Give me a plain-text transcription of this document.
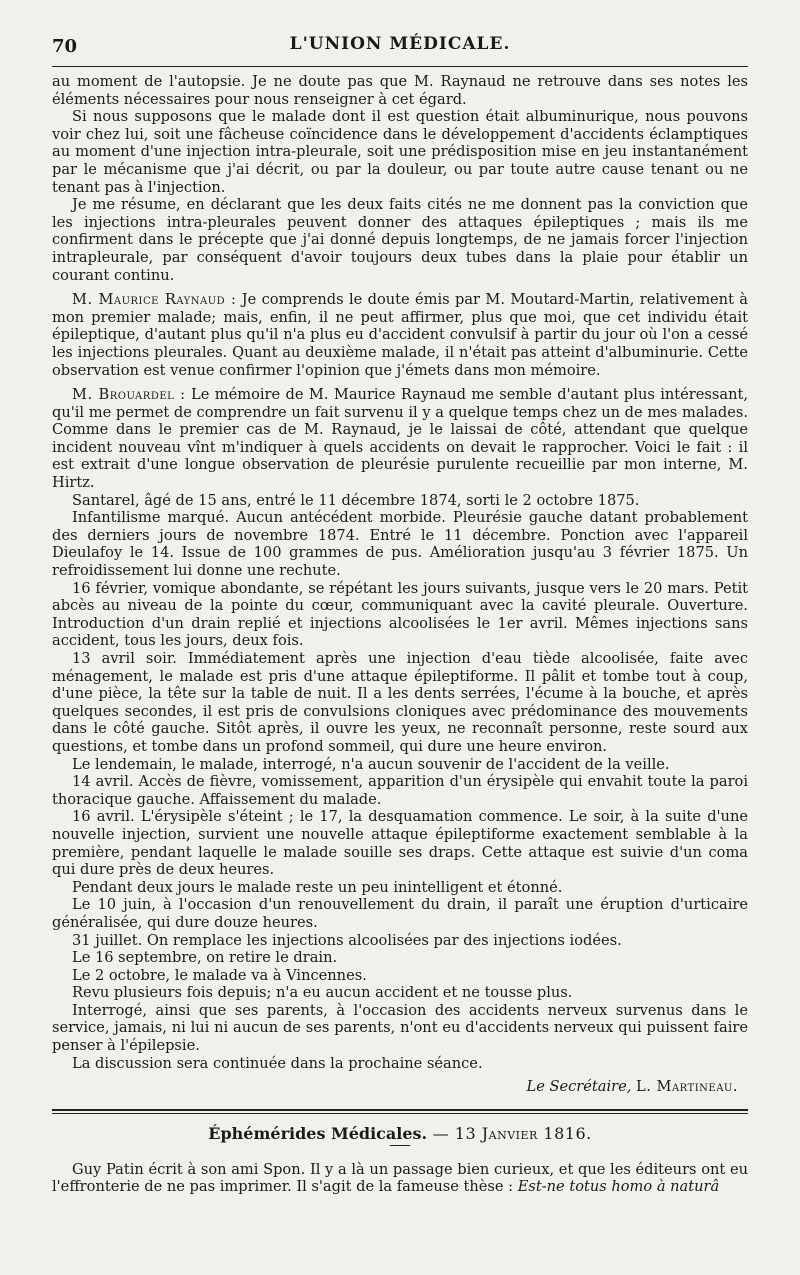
70	L'UNION MÉDICALE.

au moment de l'autopsie. Je ne doute pas que M. Raynaud ne retrouve dans ses notes les éléments nécessaires pour nous renseigner à cet égard.

Si nous supposons que le malade dont il est question était albuminurique, nous pouvons voir chez lui, soit une fâcheuse coïncidence dans le développement d'accidents éclamptiques au moment d'une injection intra-pleurale, soit une prédisposition mise en jeu instantanément par le mécanisme que j'ai décrit, ou par la douleur, ou par toute autre cause tenant ou ne tenant pas à l'injection.

Je me résume, en déclarant que les deux faits cités ne me donnent pas la conviction que les injections intra-pleurales peuvent donner des attaques épileptiques ; mais ils me confirment dans le précepte que j'ai donné depuis longtemps, de ne jamais forcer l'injection intrapleurale, par conséquent d'avoir toujours deux tubes dans la plaie pour établir un courant continu.

M. Maurice Raynaud : Je comprends le doute émis par M. Moutard-Martin, relativement à mon premier malade; mais, enfin, il ne peut affirmer, plus que moi, que cet individu était épileptique, d'autant plus qu'il n'a plus eu d'accident convulsif à partir du jour où l'on a cessé les injections pleurales. Quant au deuxième malade, il n'était pas atteint d'albuminurie. Cette observation est venue confirmer l'opinion que j'émets dans mon mémoire.

M. Brouardel : Le mémoire de M. Maurice Raynaud me semble d'autant plus intéressant, qu'il me permet de comprendre un fait survenu il y a quelque temps chez un de mes malades. Comme dans le premier cas de M. Raynaud, je le laissai de côté, attendant que quelque incident nouveau vînt m'indiquer à quels accidents on devait le rapprocher. Voici le fait : il est extrait d'une longue observation de pleurésie purulente recueillie par mon interne, M. Hirtz.

Santarel, âgé de 15 ans, entré le 11 décembre 1874, sorti le 2 octobre 1875.

Infantilisme marqué. Aucun antécédent morbide. Pleurésie gauche datant probablement des derniers jours de novembre 1874. Entré le 11 décembre. Ponction avec l'appareil Dieulafoy le 14. Issue de 100 grammes de pus. Amélioration jusqu'au 3 février 1875. Un refroidissement lui donne une rechute.

16 février, vomique abondante, se répétant les jours suivants, jusque vers le 20 mars. Petit abcès au niveau de la pointe du cœur, communiquant avec la cavité pleurale. Ouverture. Introduction d'un drain replié et injections alcoolisées le 1er avril. Mêmes injections sans accident, tous les jours, deux fois.

13 avril soir. Immédiatement après une injection d'eau tiède alcoolisée, faite avec ménagement, le malade est pris d'une attaque épileptiforme. Il pâlit et tombe tout à coup, d'une pièce, la tête sur la table de nuit. Il a les dents serrées, l'écume à la bouche, et après quelques secondes, il est pris de convulsions cloniques avec prédominance des mouvements dans le côté gauche. Sitôt après, il ouvre les yeux, ne reconnaît personne, reste sourd aux questions, et tombe dans un profond sommeil, qui dure une heure environ.

Le lendemain, le malade, interrogé, n'a aucun souvenir de l'accident de la veille.

14 avril. Accès de fièvre, vomissement, apparition d'un érysipèle qui envahit toute la paroi thoracique gauche. Affaissement du malade.

16 avril. L'érysipèle s'éteint ; le 17, la desquamation commence. Le soir, à la suite d'une nouvelle injection, survient une nouvelle attaque épileptiforme exactement semblable à la première, pendant laquelle le malade souille ses draps. Cette attaque est suivie d'un coma qui dure près de deux heures.

Pendant deux jours le malade reste un peu inintelligent et étonné.

Le 10 juin, à l'occasion d'un renouvellement du drain, il paraît une éruption d'urticaire généralisée, qui dure douze heures.

31 juillet. On remplace les injections alcoolisées par des injections iodées.

Le 16 septembre, on retire le drain.

Le 2 octobre, le malade va à Vincennes.

Revu plusieurs fois depuis; n'a eu aucun accident et ne tousse plus.

Interrogé, ainsi que ses parents, à l'occasion des accidents nerveux survenus dans le service, jamais, ni lui ni aucun de ses parents, n'ont eu d'accidents nerveux qui puissent faire penser à l'épilepsie.

La discussion sera continuée dans la prochaine séance.

Le Secrétaire, L. Martineau.
Éphémérides Médicales. — 13 Janvier 1816.

Guy Patin écrit à son ami Spon. Il y a là un passage bien curieux, et que les éditeurs ont eu l'effronterie de ne pas imprimer. Il s'agit de la fameuse thèse : Est-ne totus homo à naturâ
